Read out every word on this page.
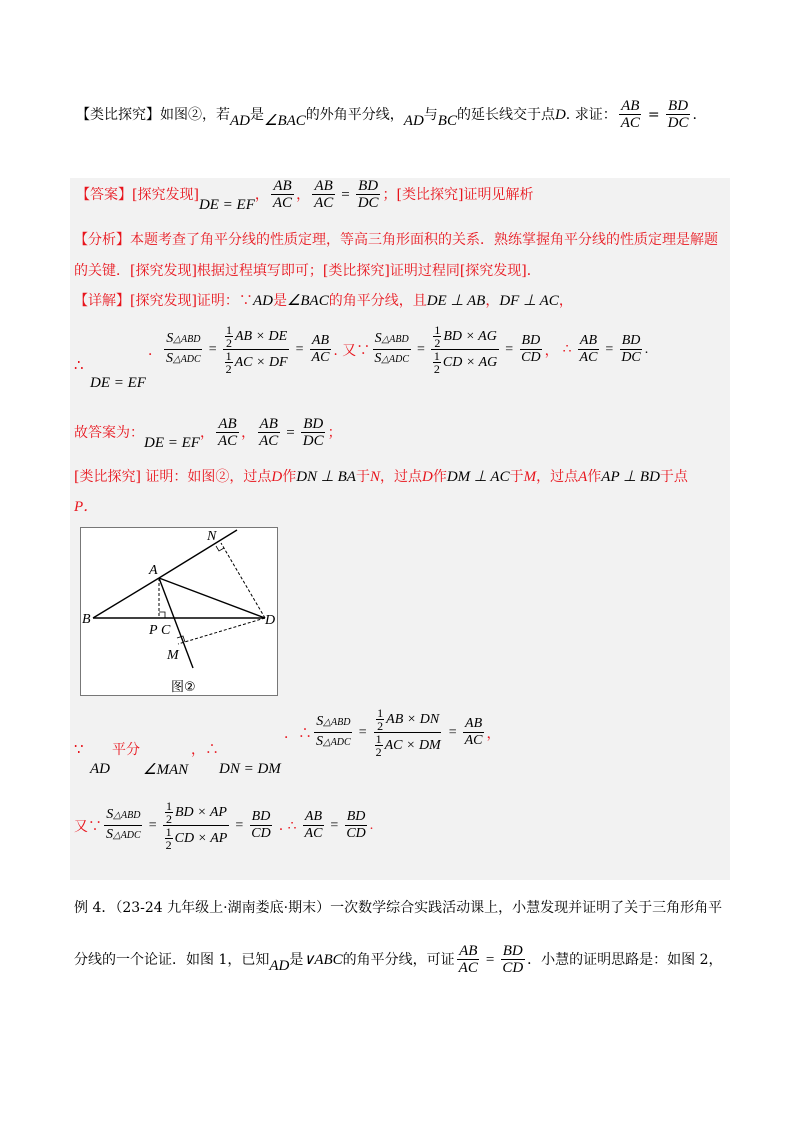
【类比探究】如图②，若 AD 是 ∠BAC 的外角平分线， AD 与 BC 的延长线交于点 D . 求证： $\frac{AB}{AC} = \frac{BD}{DC}$ .
【答案】 [探究发现]
DE = EF
， $\frac{AB}{AC}$ ， $\frac{AB}{AC} = \frac{BD}{DC}$ ；[类比探究]证明见解析
【分析】本题考查了角平分线的性质定理，等高三角形面积的关系．熟练掌握角平分线的性质定理是解题
的关键．[探究发现]根据过程填写即可；[类比探究]证明过程同[探究发现]．
【详解】[探究发现]证明：∵ AD 是 ∠BAC 的角平分线，且 DE ⊥ AB ， DF ⊥ AC ，
∴
DE = EF
． $\frac{\text{S△ABD}}{\text{S△ADC}} = 1$
2 AB × DE
1
2 AC × DF = $\frac{AB}{AC}$ . 又∵ $\frac{\text{S△ABD}}{\text{S△ADC}} = 1$
2 BD × AG
1
2 CD × AG = $\frac{BD}{CD}$ ， ∴ $\frac{AB}{AC} = \frac{BD}{DC}$ .
故答案为：
DE = EF
， $\frac{AB}{AC}$ ， $\frac{AB}{AC} = \frac{BD}{DC}$ ；
[类比探究] 证明：如图②，过点 D 作 DN ⊥ BA 于 N ，过点 D 作 DM ⊥ AC 于 M ，过点 A 作 AP ⊥ BD 于点
P．
N
A
B
P C
D
M
图②
∵ 平分
AD ∠MAN
，∴
DN = DM
．∴ $\frac{\text{S△ABD}}{\text{S△ADC}} = 1$
2 AB × DN
1
2 AC × DM = $\frac{AB}{AC}$ ，
又∵ $\frac{\text{S△ABD}}{\text{S△ADC}} = 1$
2 BD × AP
1
2 CD × AP = $\frac{BD}{CD}$ . ∴ $\frac{AB}{AC} = \frac{BD}{CD}$ .
例 4．（23-24 九年级上·湖南娄底·期末）一次数学综合实践活动课上，小慧发现并证明了关于三角形角平
分线的一个论证．如图 1，已知 AD 是 ∨ABC 的角平分线，可证 $\frac{AB}{AC} = \frac{BD}{CD}$ ．小慧的证明思路是：如图 2，
